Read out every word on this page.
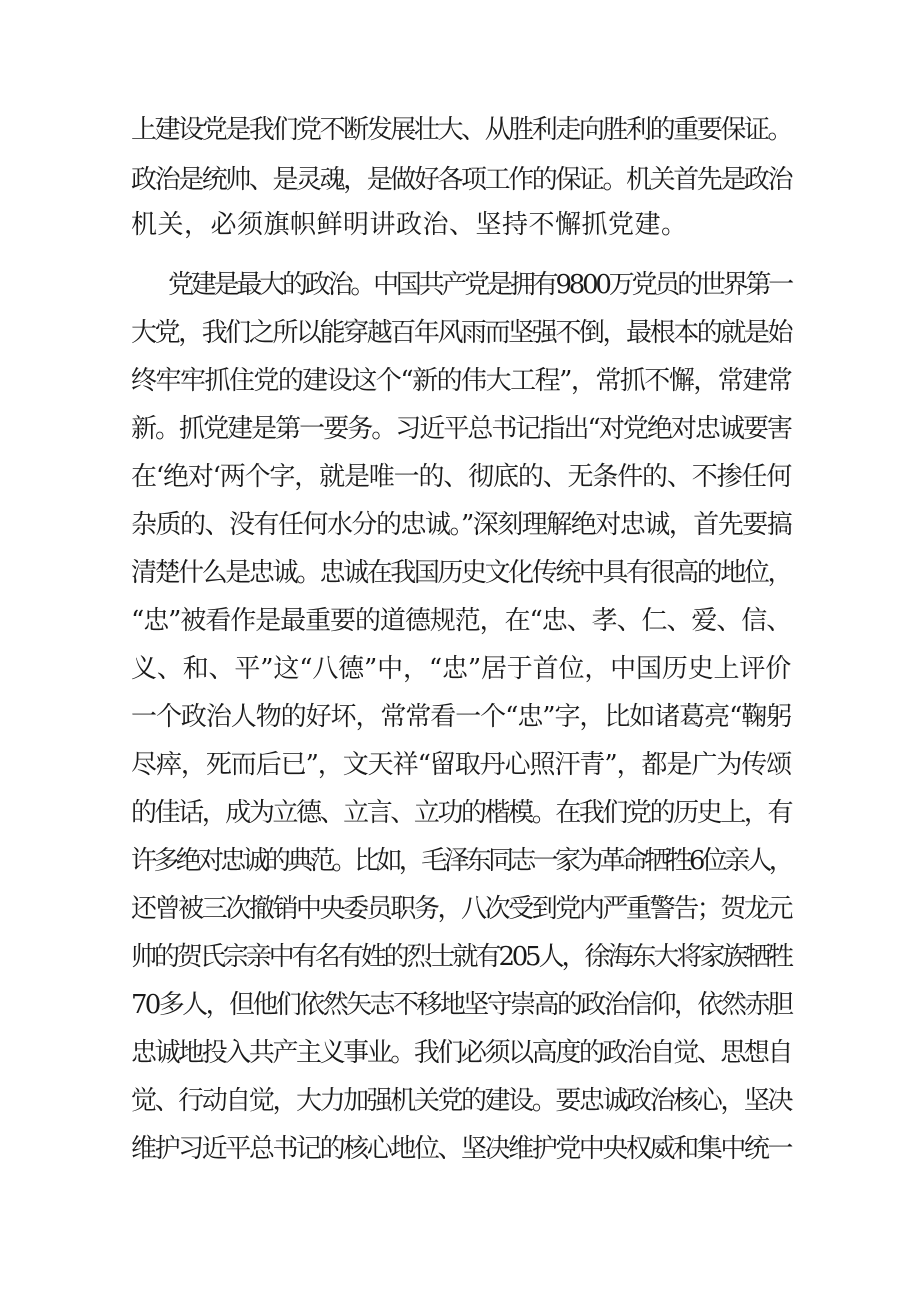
上建设党是我们党不断发展壮大、从胜利走向胜利的重要保证。
政治是统帅、是灵魂，是做好各项工作的保证。机关首先是政治
机关，必须旗帜鲜明讲政治、坚持不懈抓党建。
党建是最大的政治。中国共产党是拥有9800万党员的世界第一
大党，我们之所以能穿越百年风雨而坚强不倒，最根本的就是始
终牢牢抓住党的建设这个“新的伟大工程”，常抓不懈，常建常
新。抓党建是第一要务。习近平总书记指出“对党绝对忠诚要害
在‘绝对‘两个字，就是唯一的、彻底的、无条件的、不掺任何
杂质的、没有任何水分的忠诚。”深刻理解绝对忠诚，首先要搞
清楚什么是忠诚。忠诚在我国历史文化传统中具有很高的地位，
“忠”被看作是最重要的道德规范，在“忠、孝、仁、爱、信、
义、和、平”这“八德”中，“忠”居于首位，中国历史上评价
一个政治人物的好坏，常常看一个“忠”字，比如诸葛亮“鞠躬
尽瘁，死而后已”，文天祥“留取丹心照汗青”，都是广为传颂
的佳话，成为立德、立言、立功的楷模。在我们党的历史上，有
许多绝对忠诚的典范。比如，毛泽东同志一家为革命牺牲6位亲人，
还曾被三次撤销中央委员职务，八次受到党内严重警告；贺龙元
帅的贺氏宗亲中有名有姓的烈士就有205人，徐海东大将家族牺牲
70多人，但他们依然矢志不移地坚守崇高的政治信仰，依然赤胆
忠诚地投入共产主义事业。我们必须以高度的政治自觉、思想自
觉、行动自觉，大力加强机关党的建设。要忠诚政治核心，坚决
维护习近平总书记的核心地位、坚决维护党中央权威和集中统一
